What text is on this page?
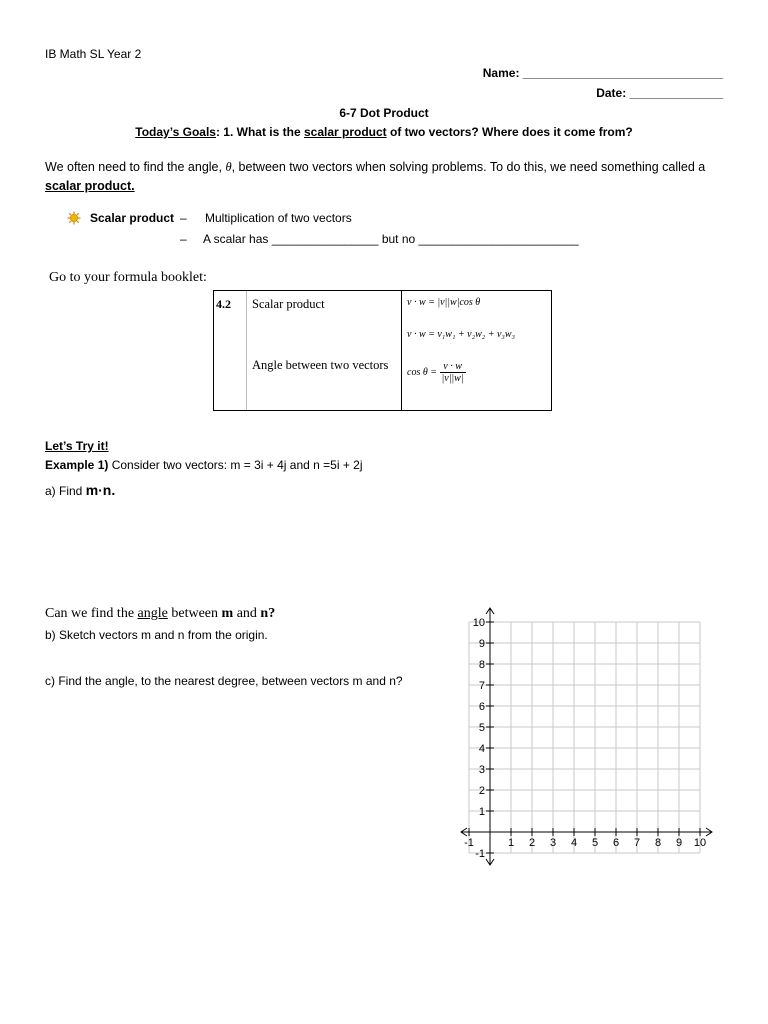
IB Math SL Year 2
Name: ______________________________
Date: ______________
6-7 Dot Product
Today’s Goals: 1. What is the scalar product of two vectors? Where does it come from?
We often need to find the angle, θ, between two vectors when solving problems. To do this, we need something called a scalar product.
Scalar product – Multiplication of two vectors
– A scalar has ________________ but no ________________________
Go to your formula booklet:
4.2 Scalar product
Angle between two vectors
v · w = |v||w|cos θ
v · w = v₁w₁ + v₂w₂ + v₃w₃
$\cos \theta = \frac{v \cdot w}{|v||w|}$
Let’s Try it!
Example 1) Consider two vectors: m = 3i + 4j and n =5i + 2j
a) Find m·n.
Can we find the angle between m and n?
b) Sketch vectors m and n from the origin.
c) Find the angle, to the nearest degree, between vectors m and n?
-1	1 2 3 4 5 6 7 8 9 10
10
9
8
7
6
5
4
3
2
1
-1
